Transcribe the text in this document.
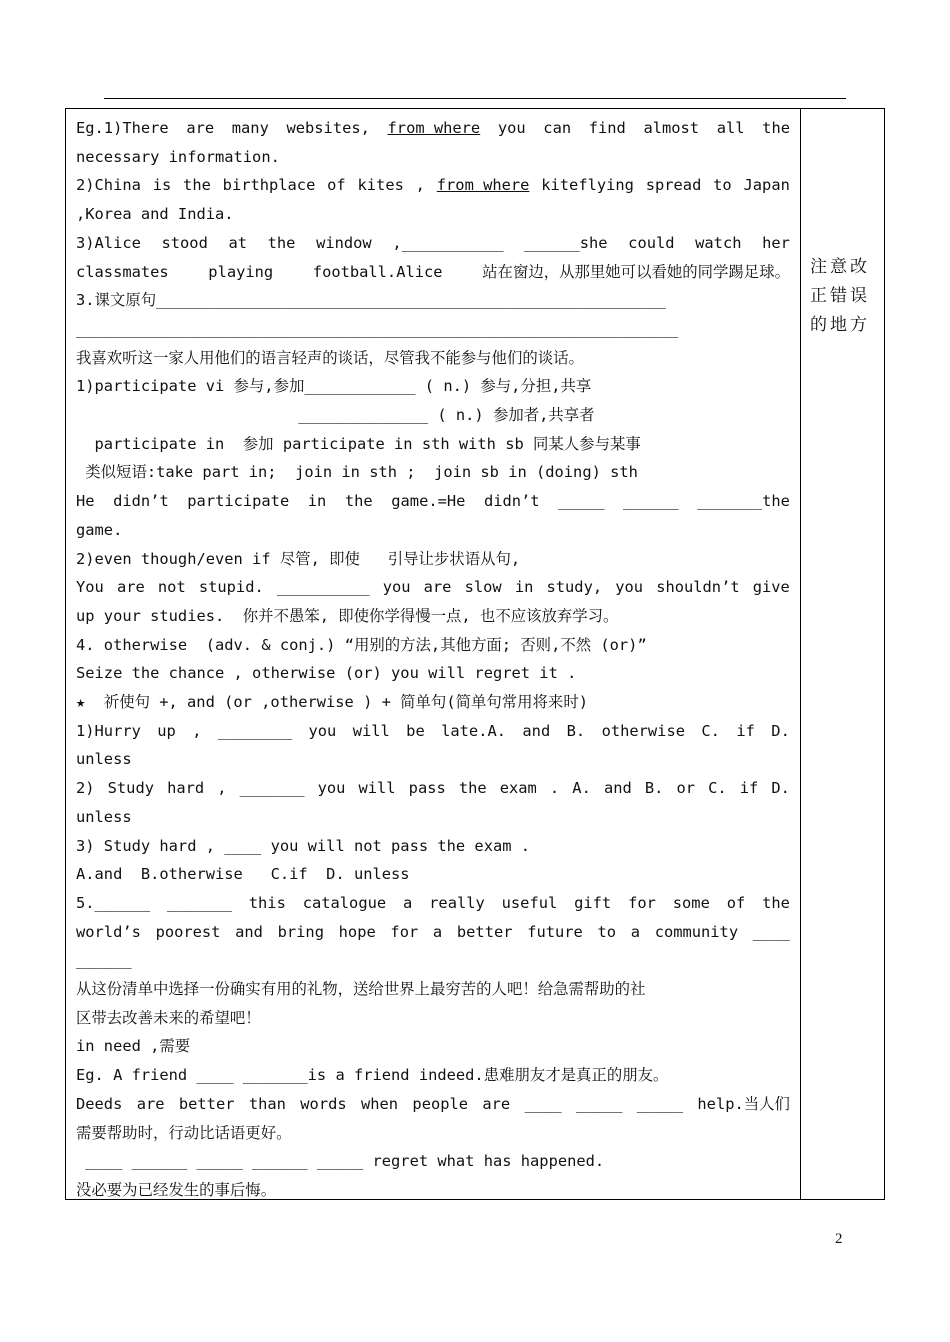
Eg.1)There are many websites, from where you can find almost all the
necessary information.
2)China is the birthplace of kites , from where kiteflying spread to Japan
,Korea and India.
3)Alice stood at the window ,___________ ______she could watch her
classmates	playing	football.Alice	站在窗边，从那里她可以看她的同学踢足球。
3.课文原句_______________________________________________________
_________________________________________________________________
我喜欢听这一家人用他们的语言轻声的谈话，尽管我不能参与他们的谈话。
1)participate vi 参与,参加____________ ( n.) 参与,分担,共享
______________ ( n.) 参加者,共享者
participate in  参加 participate in sth with sb 同某人参与某事
类似短语:take part in;  join in sth ;  join sb in (doing) sth
He didn’t participate in the game.=He didn’t _____ ______ _______the
game.
2)even though/even if 尽管, 即使   引导让步状语从句,
You are not stupid. __________ you are slow in study, you shouldn’t give
up your studies.  你并不愚笨, 即使你学得慢一点, 也不应该放弃学习。
4. otherwise  (adv. & conj.) “用别的方法,其他方面; 否则,不然 (or)”
Seize the chance , otherwise (or) you will regret it .
★  祈使句 +, and (or ,otherwise ) + 简单句(简单句常用将来时)
1)Hurry up , ________ you will be late.A. and B. otherwise C. if D.
unless
2) Study hard , _______ you will pass the exam . A. and B. or C. if D.
unless
3) Study hard , ____ you will not pass the exam .
A.and  B.otherwise   C.if  D. unless
5.______ _______ this catalogue a really useful gift for some of the
world’s poorest and bring hope for a better future to a community ____
______
从这份清单中选择一份确实有用的礼物，送给世界上最穷苦的人吧！给急需帮助的社
区带去改善未来的希望吧！
in need ,需要
Eg. A friend ____ _______is a friend indeed.患难朋友才是真正的朋友。
Deeds are better than words when people are ____ _____ _____ help.当人们
需要帮助时，行动比话语更好。
____ ______ _____ ______ _____ regret what has happened.
没必要为已经发生的事后悔。
注意改
正错误
的地方
2
